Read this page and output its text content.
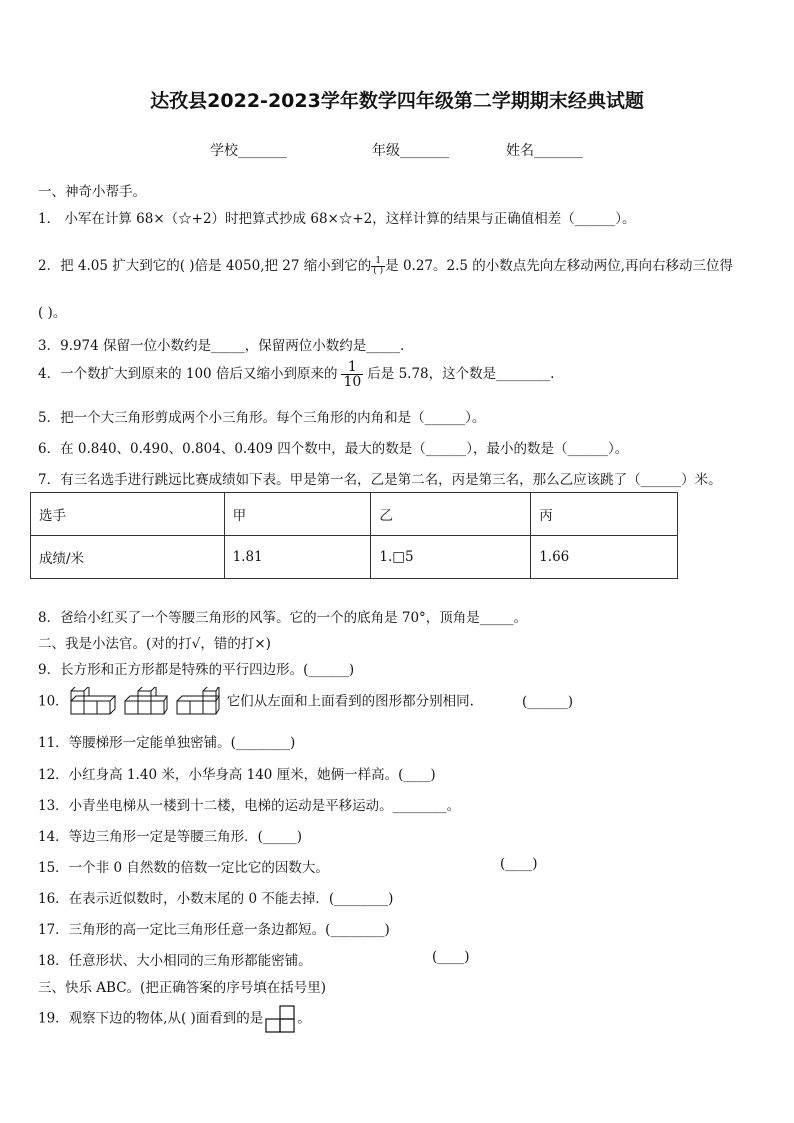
达孜县2022-2023学年数学四年级第二学期期末经典试题
学校_______	年级_______	姓名_______
一、神奇小帮手。
1． 小军在计算 68×（☆+2）时把算式抄成 68×☆+2，这样计算的结果与正确值相差（______）。
2．把 4.05 扩大到它的( )倍是 4050,把 27 缩小到它的 $\frac{1}{( )}$ 是 0.27。2.5 的小数点先向左移动两位,再向右移动三位得
( )。
3．9.974 保留一位小数约是_____，保留两位小数约是_____.
4．一个数扩大到原来的 100 倍后又缩小到原来的 $\frac{1}{10}$ 后是 5.78，这个数是________.
5．把一个大三角形剪成两个小三角形。每个三角形的内角和是（______）。
6．在 0.840、0.490、0.804、0.409 四个数中，最大的数是（______），最小的数是（______）。
7．有三名选手进行跳远比赛成绩如下表。甲是第一名，乙是第二名，丙是第三名，那么乙应该跳了（______）米。
选手	甲	乙	丙
成绩/米	1.81	1.□5	1.66
8．爸给小红买了一个等腰三角形的风筝。它的一个的底角是 70°，顶角是_____。
二、我是小法官。(对的打√，错的打×)
9．长方形和正方形都是特殊的平行四边形。(______)
10．	它们从左面和上面看到的图形都分别相同.	(______)
11．等腰梯形一定能单独密铺。(________)
12．小红身高 1.40 米，小华身高 140 厘米，她俩一样高。(____)
13．小青坐电梯从一楼到十二楼，电梯的运动是平移运动。________。
14．等边三角形一定是等腰三角形．(_____)
15．一个非 0 自然数的倍数一定比它的因数大。	(____)
16．在表示近似数时，小数末尾的 0 不能去掉．(________)
17．三角形的高一定比三角形任意一条边都短。(________)
18．任意形状、大小相同的三角形都能密铺。	(____)
三、快乐 ABC。(把正确答案的序号填在括号里)
19．观察下边的物体,从( )面看到的是	。
